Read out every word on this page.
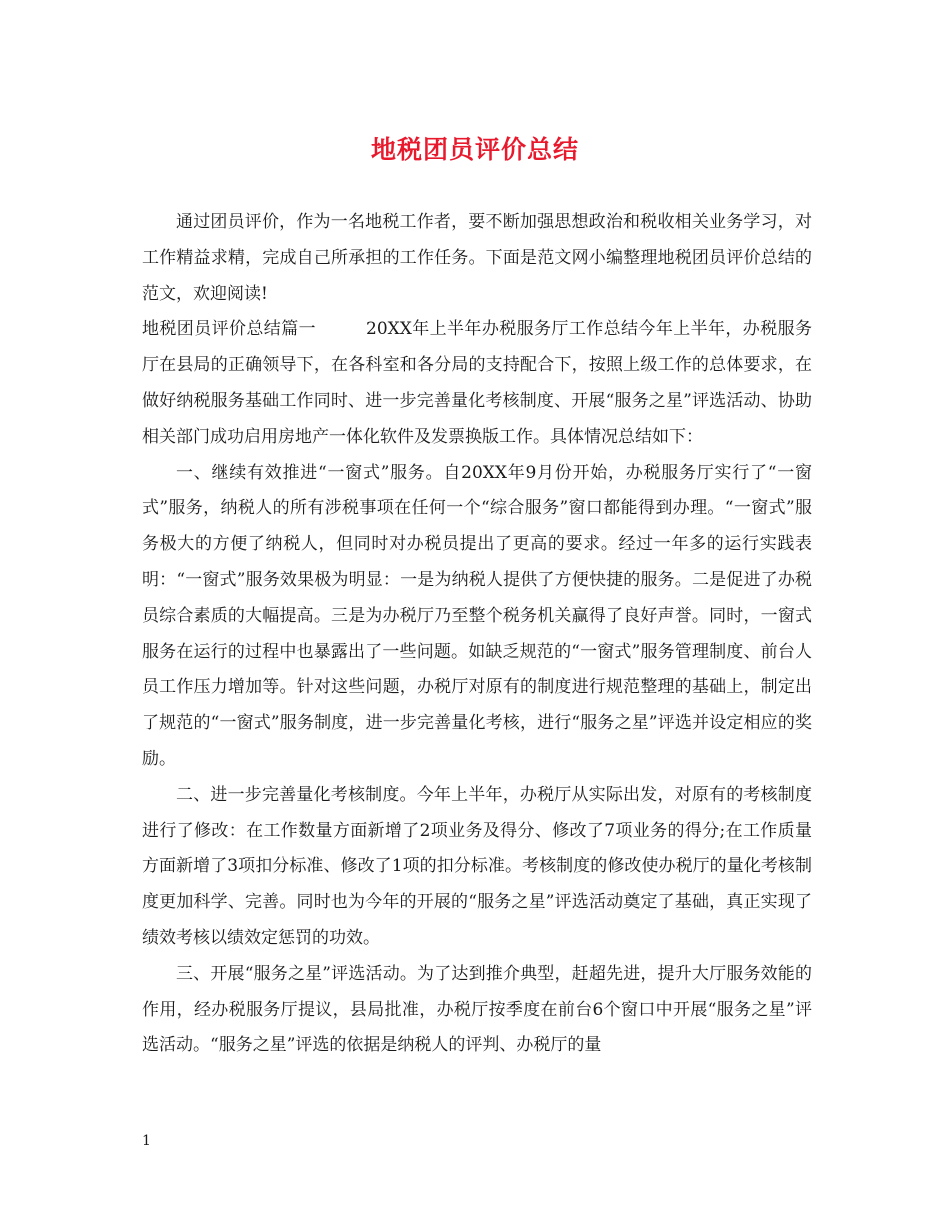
地税团员评价总结

通过团员评价，作为一名地税工作者，要不断加强思想政治和税收相关业务学习，对工作精益求精，完成自己所承担的工作任务。下面是范文网小编整理地税团员评价总结的范文，欢迎阅读!

地税团员评价总结篇一	20XX年上半年办税服务厅工作总结今年上半年，办税服务厅在县局的正确领导下，在各科室和各分局的支持配合下，按照上级工作的总体要求，在做好纳税服务基础工作同时、进一步完善量化考核制度、开展“服务之星”评选活动、协助相关部门成功启用房地产一体化软件及发票换版工作。具体情况总结如下：

一、继续有效推进“一窗式”服务。自20XX年9月份开始，办税服务厅实行了“一窗式”服务，纳税人的所有涉税事项在任何一个“综合服务”窗口都能得到办理。“一窗式”服务极大的方便了纳税人，但同时对办税员提出了更高的要求。经过一年多的运行实践表明：“一窗式”服务效果极为明显：一是为纳税人提供了方便快捷的服务。二是促进了办税员综合素质的大幅提高。三是为办税厅乃至整个税务机关赢得了良好声誉。同时，一窗式服务在运行的过程中也暴露出了一些问题。如缺乏规范的“一窗式”服务管理制度、前台人员工作压力增加等。针对这些问题，办税厅对原有的制度进行规范整理的基础上，制定出了规范的“一窗式”服务制度，进一步完善量化考核，进行“服务之星”评选并设定相应的奖励。

二、进一步完善量化考核制度。今年上半年，办税厅从实际出发，对原有的考核制度进行了修改：在工作数量方面新增了2项业务及得分、修改了7项业务的得分;在工作质量方面新增了3项扣分标准、修改了1项的扣分标准。考核制度的修改使办税厅的量化考核制度更加科学、完善。同时也为今年的开展的“服务之星”评选活动奠定了基础，真正实现了绩效考核以绩效定惩罚的功效。

三、开展“服务之星”评选活动。为了达到推介典型，赶超先进，提升大厅服务效能的作用，经办税服务厅提议，县局批准，办税厅按季度在前台6个窗口中开展“服务之星”评选活动。“服务之星”评选的依据是纳税人的评判、办税厅的量

1
